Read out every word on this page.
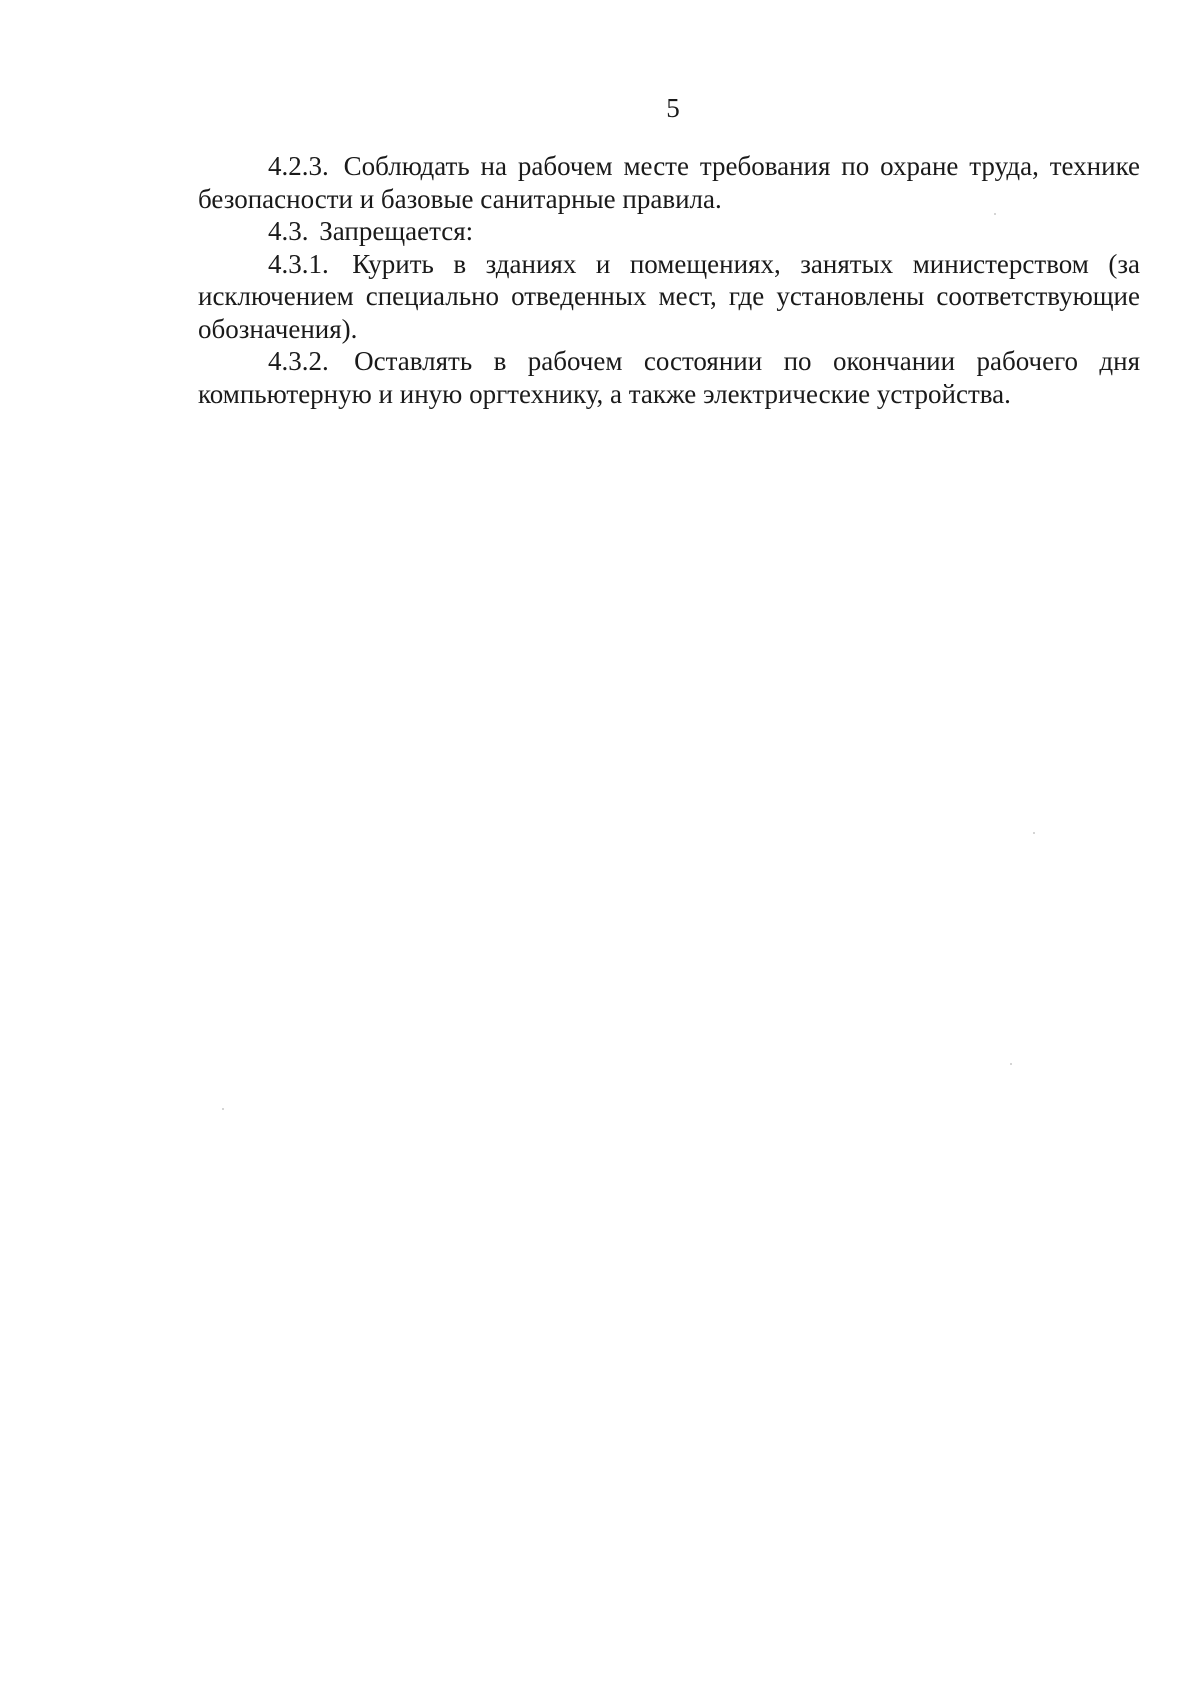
5

4.2.3. Соблюдать на рабочем месте требования по охране труда, технике безопасности и базовые санитарные правила.

4.3. Запрещается:

4.3.1. Курить в зданиях и помещениях, занятых министерством (за исключением специально отведенных мест, где установлены соответствующие обозначения).

4.3.2. Оставлять в рабочем состоянии по окончании рабочего дня компьютерную и иную оргтехнику, а также электрические устройства.
